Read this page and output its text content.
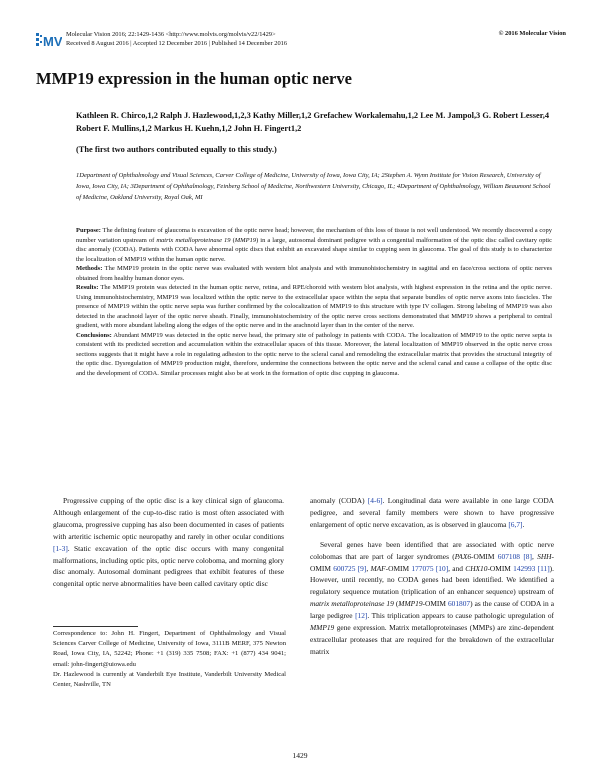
MV Molecular Vision 2016; 22:1429-1436 <http://www.molvis.org/molvis/v22/1429>
Received 8 August 2016 | Accepted 12 December 2016 | Published 14 December 2016
© 2016 Molecular Vision
MMP19 expression in the human optic nerve
Kathleen R. Chirco,1,2 Ralph J. Hazlewood,1,2,3 Kathy Miller,1,2 Grefachew Workalemahu,1,2 Lee M. Jampol,3 G. Robert Lesser,4 Robert F. Mullins,1,2 Markus H. Kuehn,1,2 John H. Fingert1,2
(The first two authors contributed equally to this study.)
1Department of Ophthalmology and Visual Sciences, Carver College of Medicine, University of Iowa, Iowa City, IA; 2Stephen A. Wynn Institute for Vision Research, University of Iowa, Iowa City, IA; 3Department of Ophthalmology, Feinberg School of Medicine, Northwestern University, Chicago, IL; 4Department of Ophthalmology, William Beaumont School of Medicine, Oakland University, Royal Oak, MI

Purpose: The defining feature of glaucoma is excavation of the optic nerve head; however, the mechanism of this loss of tissue is not well understood. We recently discovered a copy number variation upstream of matrix metalloproteinase 19 (MMP19) in a large, autosomal dominant pedigree with a congenital malformation of the optic disc called cavitary optic disc anomaly (CODA). Patients with CODA have abnormal optic discs that exhibit an excavated shape similar to cupping seen in glaucoma. The goal of this study is to characterize the localization of MMP19 within the human optic nerve.

Methods: The MMP19 protein in the optic nerve was evaluated with western blot analysis and with immunohistochemistry in sagittal and en face/cross sections of optic nerves obtained from healthy human donor eyes.

Results: The MMP19 protein was detected in the human optic nerve, retina, and RPE/choroid with western blot analysis, with highest expression in the retina and the optic nerve. Using immunohistochemistry, MMP19 was localized within the optic nerve to the extracellular space within the septa that separate bundles of optic nerve axons into fascicles. The presence of MMP19 within the optic nerve septa was further confirmed by the colocalization of MMP19 to this structure with type IV collagen. Strong labeling of MMP19 was also detected in the arachnoid layer of the optic nerve sheath. Finally, immunohistochemistry of the optic nerve cross sections demonstrated that MMP19 shows a peripheral to central gradient, with more abundant labeling along the edges of the optic nerve and in the arachnoid layer than in the center of the nerve.

Conclusions: Abundant MMP19 was detected in the optic nerve head, the primary site of pathology in patients with CODA. The localization of MMP19 to the optic nerve septa is consistent with its predicted secretion and accumulation within the extracellular spaces of this tissue. Moreover, the lateral localization of MMP19 observed in the optic nerve cross sections suggests that it might have a role in regulating adhesion to the optic nerve to the scleral canal and remodeling the extracellular matrix that provides the structural integrity of the optic disc. Dysregulation of MMP19 production might, therefore, undermine the connections between the optic nerve and the scleral canal and cause a collapse of the optic disc and the development of CODA. Similar processes might also be at work in the formation of optic disc cupping in glaucoma.

Progressive cupping of the optic disc is a key clinical sign of glaucoma. Although enlargement of the cup-to-disc ratio is most often associated with glaucoma, progressive cupping has also been documented in cases of patients with arteritic ischemic optic neuropathy and rarely in other ocular conditions [1-3]. Static excavation of the optic disc occurs with many congenital malformations, including optic pits, optic nerve coloboma, and morning glory disc anomaly. Autosomal dominant pedigrees that exhibit features of these congenital optic nerve abnormalities have been called cavitary optic disc

anomaly (CODA) [4-6]. Longitudinal data were available in one large CODA pedigree, and several family members were shown to have progressive enlargement of optic nerve excavation, as is observed in glaucoma [6,7].

Several genes have been identified that are associated with optic nerve colobomas that are part of larger syndromes (PAX6-OMIM 607108 [8], SHH-OMIM 600725 [9], MAF-OMIM 177075 [10], and CHX10-OMIM 142993 [11]). However, until recently, no CODA genes had been identified. We identified a regulatory sequence mutation (triplication of an enhancer sequence) upstream of matrix metalloproteinase 19 (MMP19-OMIM 601807) as the cause of CODA in a large pedigree [12]. This triplication appears to cause pathologic upregulation of MMP19 gene expression. Matrix metalloproteinases (MMPs) are zinc-dependent extracellular proteases that are required for the breakdown of the extracellular matrix

Correspondence to: John H. Fingert, Department of Ophthalmology and Visual Sciences Carver College of Medicine, University of Iowa, 3111B MERF, 375 Newton Road, Iowa City, IA, 52242; Phone: +1 (319) 335 7508; FAX: +1 (877) 434 9041; email: john-fingert@uiowa.edu

Dr. Hazlewood is currently at Vanderbilt Eye Institute, Vanderbilt University Medical Center, Nashville, TN

1429
